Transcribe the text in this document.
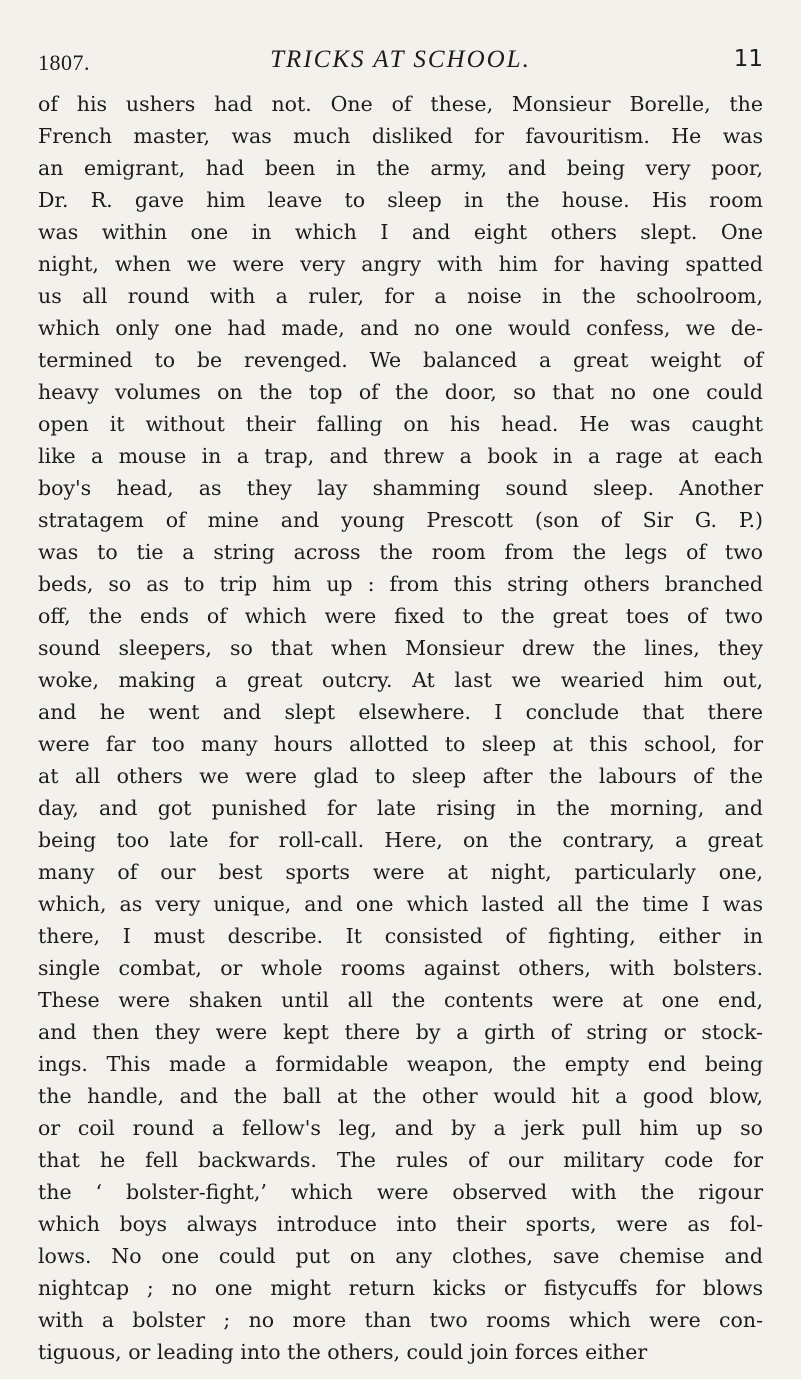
1807.	TRICKS AT SCHOOL.	11
of his ushers had not. One of these, Monsieur Borelle, the
French master, was much disliked for favouritism. He was
an emigrant, had been in the army, and being very poor,
Dr. R. gave him leave to sleep in the house. His room
was within one in which I and eight others slept. One
night, when we were very angry with him for having spatted
us all round with a ruler, for a noise in the schoolroom,
which only one had made, and no one would confess, we de-
termined to be revenged. We balanced a great weight of
heavy volumes on the top of the door, so that no one could
open it without their falling on his head. He was caught
like a mouse in a trap, and threw a book in a rage at each
boy's head, as they lay shamming sound sleep. Another
stratagem of mine and young Prescott (son of Sir G. P.)
was to tie a string across the room from the legs of two
beds, so as to trip him up : from this string others branched
off, the ends of which were fixed to the great toes of two
sound sleepers, so that when Monsieur drew the lines, they
woke, making a great outcry. At last we wearied him out,
and he went and slept elsewhere. I conclude that there
were far too many hours allotted to sleep at this school, for
at all others we were glad to sleep after the labours of the
day, and got punished for late rising in the morning, and
being too late for roll-call. Here, on the contrary, a great
many of our best sports were at night, particularly one,
which, as very unique, and one which lasted all the time I was
there, I must describe. It consisted of fighting, either in
single combat, or whole rooms against others, with bolsters.
These were shaken until all the contents were at one end,
and then they were kept there by a girth of string or stock-
ings. This made a formidable weapon, the empty end being
the handle, and the ball at the other would hit a good blow,
or coil round a fellow's leg, and by a jerk pull him up so
that he fell backwards. The rules of our military code for
the ‘ bolster-fight,’ which were observed with the rigour
which boys always introduce into their sports, were as fol-
lows. No one could put on any clothes, save chemise and
nightcap ; no one might return kicks or fistycuffs for blows
with a bolster ; no more than two rooms which were con-
tiguous, or leading into the others, could join forces either
